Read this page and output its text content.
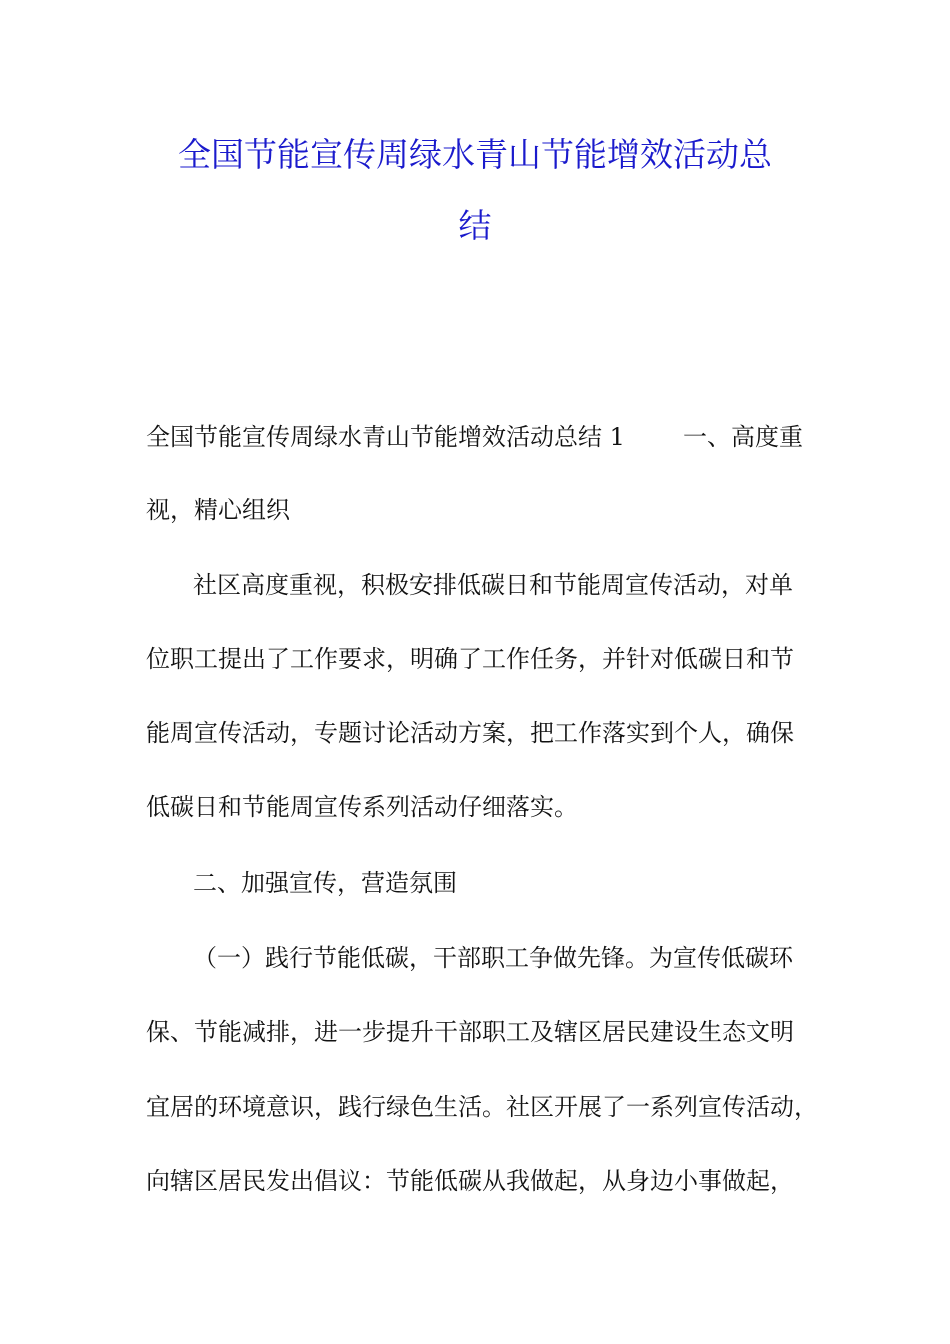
全国节能宣传周绿水青山节能增效活动总
结
全国节能宣传周绿水青山节能增效活动总结 1 一、高度重
视，精心组织
社区高度重视，积极安排低碳日和节能周宣传活动，对单
位职工提出了工作要求，明确了工作任务，并针对低碳日和节
能周宣传活动，专题讨论活动方案，把工作落实到个人，确保
低碳日和节能周宣传系列活动仔细落实。
二、加强宣传，营造氛围
（一）践行节能低碳，干部职工争做先锋。为宣传低碳环
保、节能减排，进一步提升干部职工及辖区居民建设生态文明
宜居的环境意识，践行绿色生活。社区开展了一系列宣传活动，
向辖区居民发出倡议：节能低碳从我做起，从身边小事做起，
